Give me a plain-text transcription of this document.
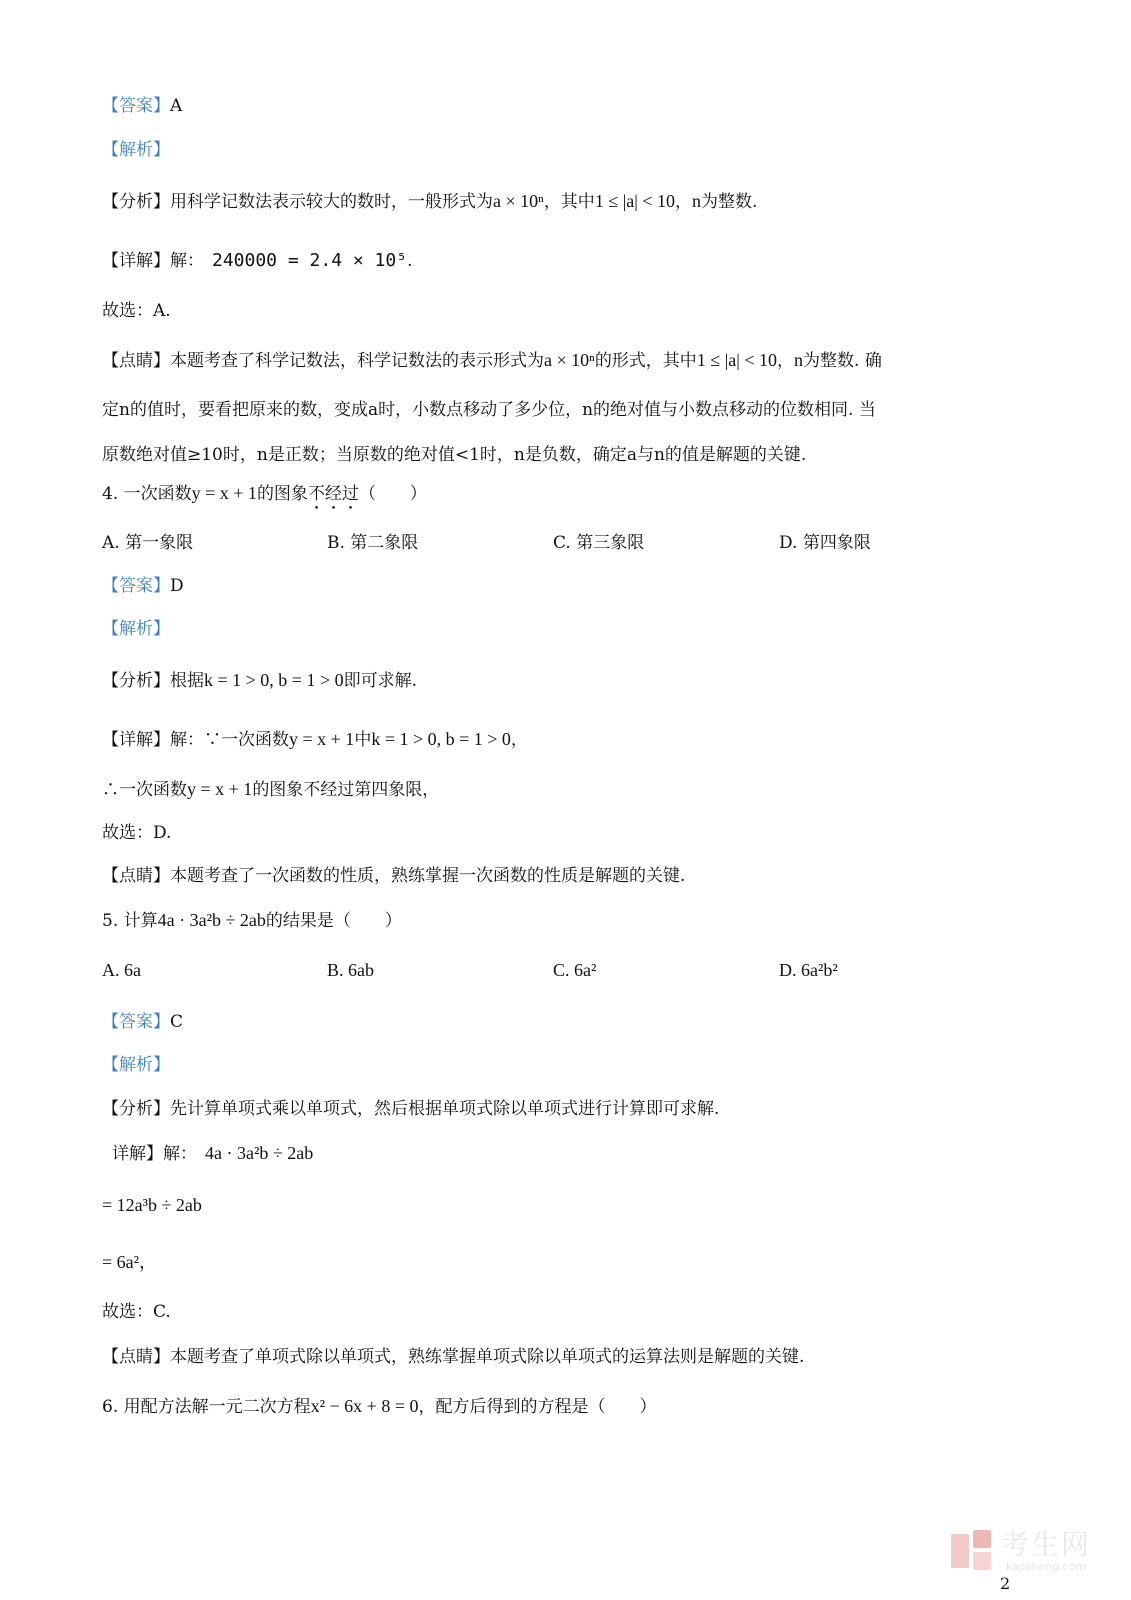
【答案】A
【解析】
【分析】用科学记数法表示较大的数时，一般形式为a × 10ⁿ，其中1 ≤ |a| < 10，n为整数.
【详解】解： 240000 = 2.4 × 10⁵.
故选：A.
【点睛】本题考查了科学记数法，科学记数法的表示形式为a × 10ⁿ的形式，其中1 ≤ |a| < 10，n为整数. 确
定n的值时，要看把原来的数，变成a时，小数点移动了多少位，n的绝对值与小数点移动的位数相同. 当
原数绝对值≥10时，n是正数；当原数的绝对值<1时，n是负数，确定a与n的值是解题的关键.
4. 一次函数y = x + 1的图象不经过（　　）
A. 第一象限	B. 第二象限	C. 第三象限	D. 第四象限
【答案】D
【解析】
【分析】根据k = 1 > 0, b = 1 > 0即可求解.
【详解】解：∵一次函数y = x + 1中k = 1 > 0, b = 1 > 0，
∴一次函数y = x + 1的图象不经过第四象限，
故选：D.
【点睛】本题考查了一次函数的性质，熟练掌握一次函数的性质是解题的关键.
5. 计算4a · 3a²b ÷ 2ab的结果是（　　）
A. 6a	B. 6ab	C. 6a²	D. 6a²b²
【答案】C
【解析】
【分析】先计算单项式乘以单项式，然后根据单项式除以单项式进行计算即可求解.
详解】解： 4a · 3a²b ÷ 2ab
= 12a³b ÷ 2ab
= 6a²，
故选：C.
【点睛】本题考查了单项式除以单项式，熟练掌握单项式除以单项式的运算法则是解题的关键.
6. 用配方法解一元二次方程x² − 6x + 8 = 0，配方后得到的方程是（　　）
考生网
kaosheng.com
2
